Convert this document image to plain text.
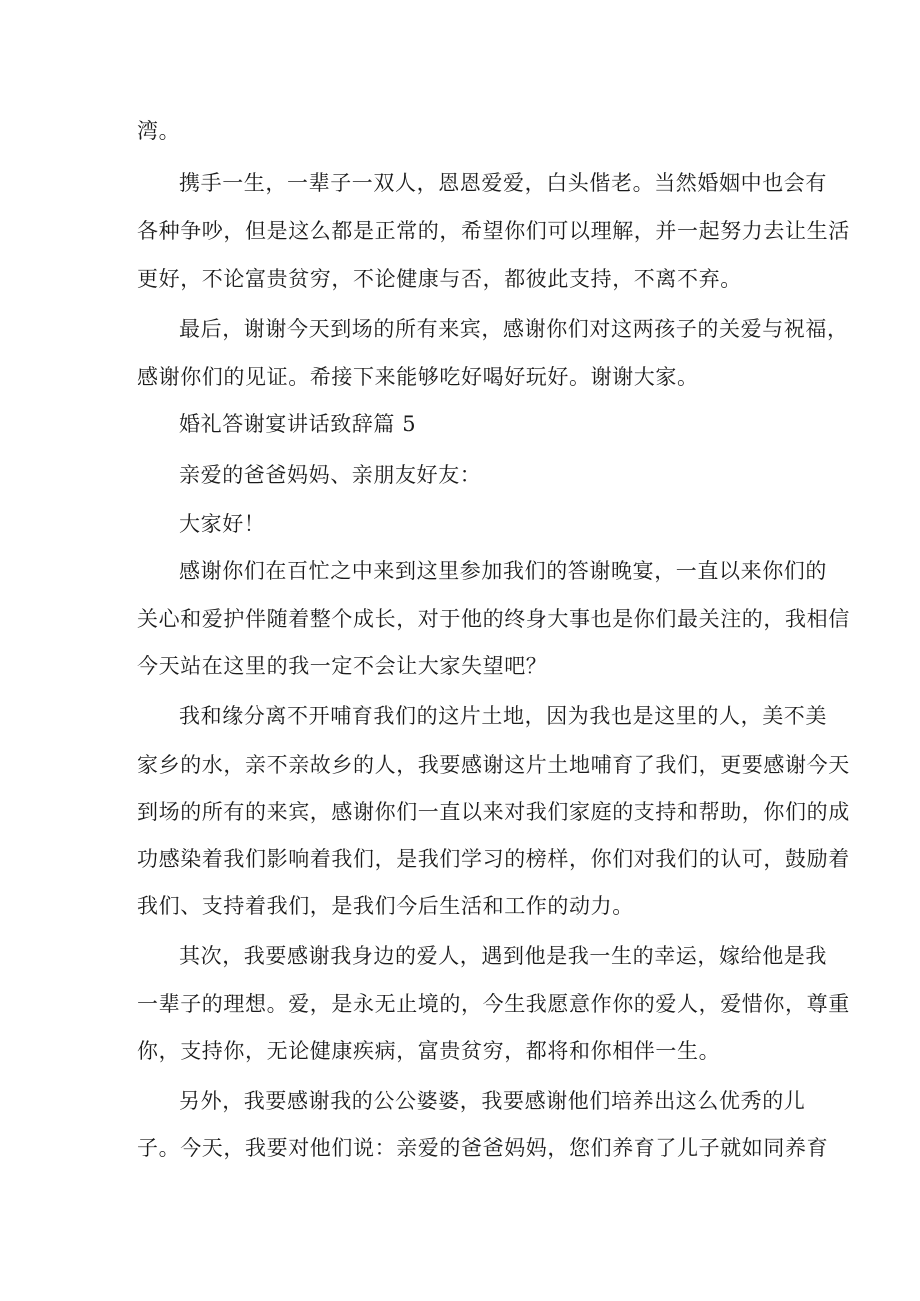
湾。
携手一生，一辈子一双人，恩恩爱爱，白头偕老。当然婚姻中也会有
各种争吵，但是这么都是正常的，希望你们可以理解，并一起努力去让生活
更好，不论富贵贫穷，不论健康与否，都彼此支持，不离不弃。
最后，谢谢今天到场的所有来宾，感谢你们对这两孩子的关爱与祝福，
感谢你们的见证。希接下来能够吃好喝好玩好。谢谢大家。
婚礼答谢宴讲话致辞篇 5
亲爱的爸爸妈妈、亲朋友好友：
大家好！
感谢你们在百忙之中来到这里参加我们的答谢晚宴，一直以来你们的
关心和爱护伴随着整个成长，对于他的终身大事也是你们最关注的，我相信
今天站在这里的我一定不会让大家失望吧？
我和缘分离不开哺育我们的这片土地，因为我也是这里的人，美不美
家乡的水，亲不亲故乡的人，我要感谢这片土地哺育了我们，更要感谢今天
到场的所有的来宾，感谢你们一直以来对我们家庭的支持和帮助，你们的成
功感染着我们影响着我们，是我们学习的榜样，你们对我们的认可，鼓励着
我们、支持着我们，是我们今后生活和工作的动力。
其次，我要感谢我身边的爱人，遇到他是我一生的幸运，嫁给他是我
一辈子的理想。爱，是永无止境的，今生我愿意作你的爱人，爱惜你，尊重
你，支持你，无论健康疾病，富贵贫穷，都将和你相伴一生。
另外，我要感谢我的公公婆婆，我要感谢他们培养出这么优秀的儿
子。今天，我要对他们说：亲爱的爸爸妈妈，您们养育了儿子就如同养育
